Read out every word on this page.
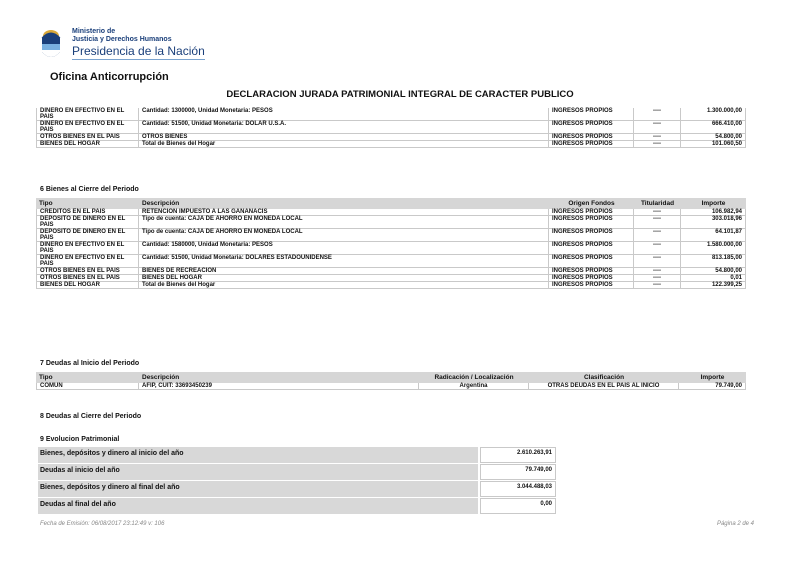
Ministerio de
Justicia y Derechos Humanos
Presidencia de la Nación
Oficina Anticorrupción
DECLARACION JURADA PATRIMONIAL INTEGRAL DE CARACTER PUBLICO
DINERO EN EFECTIVO EN EL PAIS	Cantidad: 1300000, Unidad Monetaria: PESOS	INGRESOS PROPIOS	----	1.300.000,00
DINERO EN EFECTIVO EN EL PAIS	Cantidad: 51500, Unidad Monetaria: DOLAR U.S.A.	INGRESOS PROPIOS	----	666.410,00
OTROS BIENES EN EL PAIS	OTROS BIENES	INGRESOS PROPIOS	----	54.800,00
BIENES DEL HOGAR	Total de Bienes del Hogar	INGRESOS PROPIOS	----	101.060,50
6 Bienes al Cierre del Periodo
Tipo	Descripción	Origen Fondos	Titularidad	Importe
CREDITOS EN EL PAIS	RETENCION IMPUESTO A LAS GANANACIS	INGRESOS PROPIOS	----	106.982,94
DEPOSITO DE DINERO EN EL PAIS	Tipo de cuenta: CAJA DE AHORRO EN MONEDA LOCAL	INGRESOS PROPIOS	----	303.018,96
DEPOSITO DE DINERO EN EL PAIS	Tipo de cuenta: CAJA DE AHORRO EN MONEDA LOCAL	INGRESOS PROPIOS	----	64.101,87
DINERO EN EFECTIVO EN EL PAIS	Cantidad: 1580000, Unidad Monetaria: PESOS	INGRESOS PROPIOS	----	1.580.000,00
DINERO EN EFECTIVO EN EL PAIS	Cantidad: 51500, Unidad Monetaria: DOLARES ESTADOUNIDENSE	INGRESOS PROPIOS	----	813.185,00
OTROS BIENES EN EL PAIS	BIENES DE RECREACION	INGRESOS PROPIOS	----	54.800,00
OTROS BIENES EN EL PAIS	BIENES DEL HOGAR	INGRESOS PROPIOS	----	0,01
BIENES DEL HOGAR	Total de Bienes del Hogar	INGRESOS PROPIOS	----	122.399,25
7 Deudas al Inicio del Periodo
Tipo	Descripción	Radicación / Localización	Clasificación	Importe
COMUN	AFIP, CUIT: 33693450239	Argentina	OTRAS DEUDAS EN EL PAIS AL INICIO	79.749,00
8 Deudas al Cierre del Periodo
9 Evolucion Patrimonial
Bienes, depósitos y dinero al inicio del año	2.610.263,91
Deudas al inicio del año	79.749,00
Bienes, depósitos y dinero al final del año	3.044.488,03
Deudas al final del año	0,00
Fecha de Emisión: 06/08/2017 23:12:49 v: 106	Página 2 de 4
